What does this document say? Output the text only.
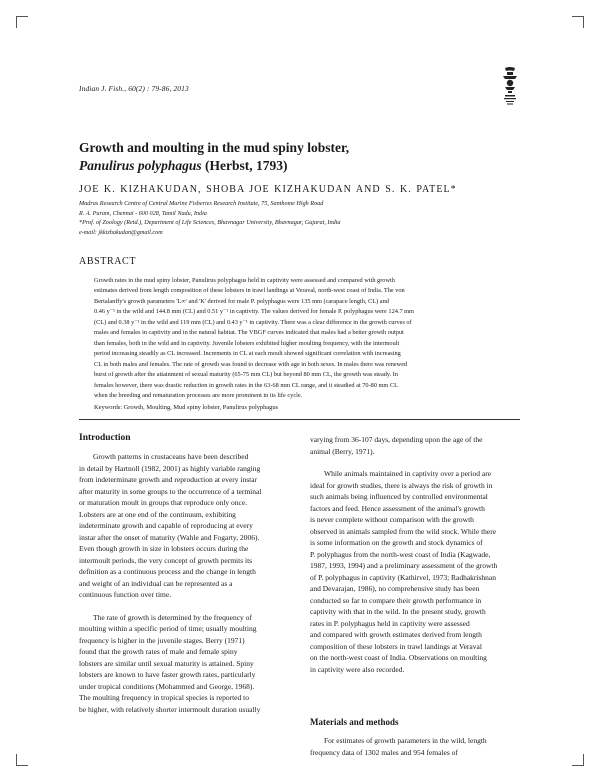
Indian J. Fish., 60(2) : 79-86, 2013
Growth and moulting in the mud spiny lobster,
Panulirus polyphagus (Herbst, 1793)
JOE K. KIZHAKUDAN, SHOBA JOE KIZHAKUDAN AND S. K. PATEL*
Madras Research Centre of Central Marine Fisheries Research Institute, 75, Santhome High Road
R. A. Puram, Chennai - 600 028, Tamil Nadu, India
*Prof. of Zoology (Retd.), Department of Life Sciences, Bhavnagar University, Bhavnagar, Gujarat, India
e-mail: jkkizhakudan@gmail.com
ABSTRACT
Growth rates in the mud spiny lobster, Panulirus polyphagus held in captivity were assessed and compared with growth
estimates derived from length composition of these lobsters in trawl landings at Veraval, north-west coast of India. The von
Bertalanffy's growth parameters 'L∞' and 'K' derived for male P. polyphagus were 135 mm (carapace length, CL) and
0.46 y⁻¹ in the wild and 144.8 mm (CL) and 0.51 y⁻¹ in captivity. The values derived for female P. polyphagus were 124.7 mm
(CL) and 0.38 y⁻¹ in the wild and 119 mm (CL) and 0.43 y⁻¹ in captivity. There was a clear difference in the growth curves of
males and females in captivity and in the natural habitat. The VBGF curves indicated that males had a better growth output
than females, both in the wild and in captivity. Juvenile lobsters exhibited higher moulting frequency, with the intermoult
period increasing steadily as CL increased. Increments in CL at each moult showed significant correlation with increasing
CL in both males and females. The rate of growth was found to decrease with age in both sexes. In males there was renewed
burst of growth after the attainment of sexual maturity (65-75 mm CL) but beyond 80 mm CL, the growth was steady. In
females however, there was drastic reduction in growth rates in the 63-68 mm CL range, and it steadied at 70-80 mm CL
when the breeding and rematuration processes are more prominent in its life cycle.
Keywords: Growth, Moulting, Mud spiny lobster, Panulirus polyphagus
Introduction
Growth patterns in crustaceans have been described
in detail by Hartnoll (1982, 2001) as highly variable ranging
from indeterminate growth and reproduction at every instar
after maturity in some groups to the occurrence of a terminal
or maturation moult in groups that reproduce only once.
Lobsters are at one end of the continuum, exhibiting
indeterminate growth and capable of reproducing at every
instar after the onset of maturity (Wahle and Fogarty, 2006).
Even though growth in size in lobsters occurs during the
intermoult periods, the very concept of growth permits its
definition as a continuous process and the change in length
and weight of an individual can be represented as a
continuous function over time.
The rate of growth is determined by the frequency of
moulting within a specific period of time; usually moulting
frequency is higher in the juvenile stages. Berry (1971)
found that the growth rates of male and female spiny
lobsters are similar until sexual maturity is attained. Spiny
lobsters are known to have faster growth rates, particularly
under tropical conditions (Mohammed and George, 1968).
The moulting frequency in tropical species is reported to
be higher, with relatively shorter intermoult duration usually
varying from 36-107 days, depending upon the age of the
animal (Berry, 1971).
While animals maintained in captivity over a period are
ideal for growth studies, there is always the risk of growth in
such animals being influenced by controlled environmental
factors and feed. Hence assessment of the animal's growth
is never complete without comparison with the growth
observed in animals sampled from the wild stock. While there
is some information on the growth and stock dynamics of
P. polyphagus from the north-west coast of India (Kagwade,
1987, 1993, 1994) and a preliminary assessment of the growth
of P. polyphagus in captivity (Kathirvel, 1973; Radhakrishnan
and Devarajan, 1986), no comprehensive study has been
conducted so far to compare their growth performance in
captivity with that in the wild. In the present study, growth
rates in P. polyphagus held in captivity were assessed
and compared with growth estimates derived from length
composition of these lobsters in trawl landings at Veraval
on the north-west coast of India. Observations on moulting
in captivity were also recorded.
Materials and methods
For estimates of growth parameters in the wild, length
frequency data of 1302 males and 954 females of
